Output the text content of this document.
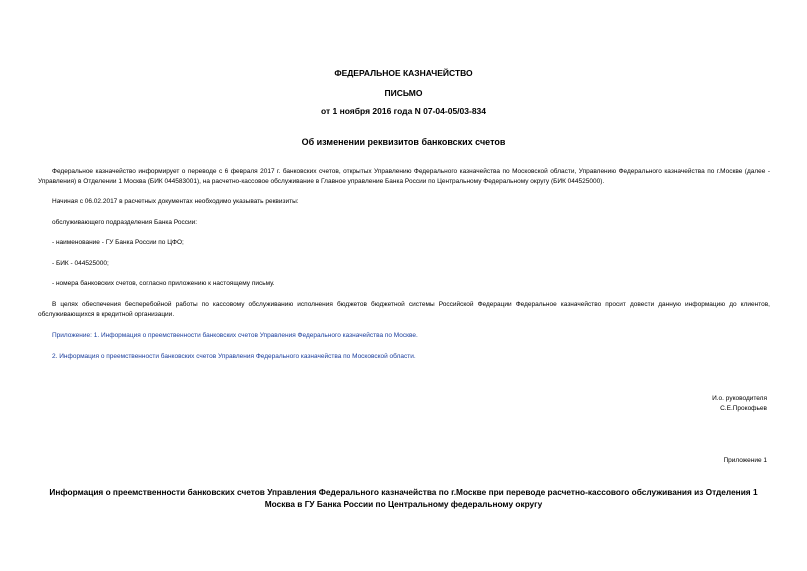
ФЕДЕРАЛЬНОЕ КАЗНАЧЕЙСТВО
ПИСЬМО
от 1 ноября 2016 года N 07-04-05/03-834
Об изменении реквизитов банковских счетов
Федеральное казначейство информирует о переводе с 6 февраля 2017 г. банковских счетов, открытых Управлению Федерального казначейства по Московской области, Управлению Федерального казначейства по г.Москве (далее - Управления) в Отделении 1 Москва (БИК 044583001), на расчетно-кассовое обслуживание в Главное управление Банка России по Центральному Федеральному округу (БИК 044525000).
Начиная с 06.02.2017 в расчетных документах необходимо указывать реквизиты:
обслуживающего подразделения Банка России:
- наименование - ГУ Банка России по ЦФО;
- БИК - 044525000;
- номера банковских счетов, согласно приложению к настоящему письму.
В целях обеспечения бесперебойной работы по кассовому обслуживанию исполнения бюджетов бюджетной системы Российской Федерации Федеральное казначейство просит довести данную информацию до клиентов, обслуживающихся в кредитной организации.
Приложение: 1. Информация о преемственности банковских счетов Управления Федерального казначейства по Москве.
2. Информация о преемственности банковских счетов Управления Федерального казначейства по Московской области.
И.о. руководителя
С.Е.Прокофьев
Приложение 1
Информация о преемственности банковских счетов Управления Федерального казначейства по г.Москве при переводе расчетно-кассового обслуживания из Отделения 1 Москва в ГУ Банка России по Центральному федеральному округу
